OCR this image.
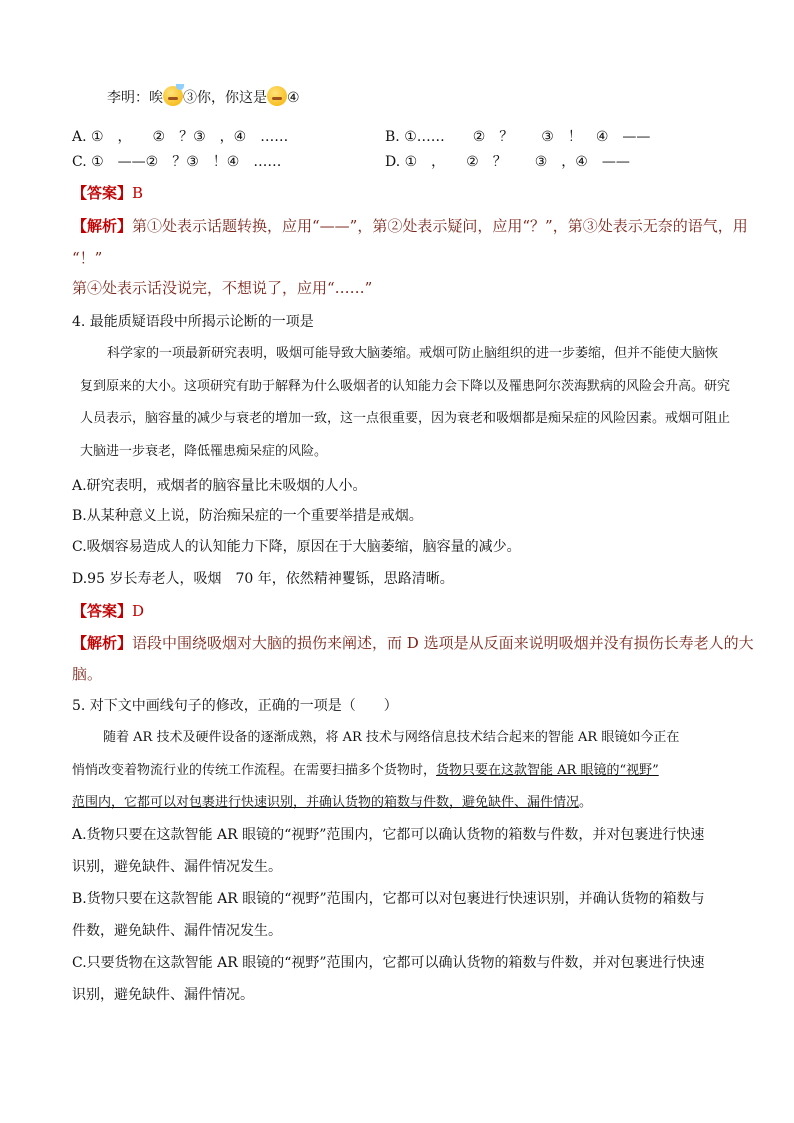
李明：唉 ③你，你这是 ④
A. ①　，　　②　？③　，④　……	B. ①……　　②　？　　③　！　④　——
C. ①　——②　？③　！④　……	D. ①　，　　②　？　　③　，④　——
【答案】B
【解析】第①处表示话题转换，应用“——”，第②处表示疑问，应用“？”，第③处表示无奈的语气，用
“！”
第④处表示话没说完，不想说了，应用“……”
4. 最能质疑语段中所揭示论断的一项是
科学家的一项最新研究表明，吸烟可能导致大脑萎缩。戒烟可防止脑组织的进一步萎缩，但并不能使大脑恢
复到原来的大小。这项研究有助于解释为什么吸烟者的认知能力会下降以及罹患阿尔茨海默病的风险会升高。研究
人员表示，脑容量的减少与衰老的增加一致，这一点很重要，因为衰老和吸烟都是痴呆症的风险因素。戒烟可阻止
大脑进一步衰老，降低罹患痴呆症的风险。
A.研究表明，戒烟者的脑容量比未吸烟的人小。
B.从某种意义上说，防治痴呆症的一个重要举措是戒烟。
C.吸烟容易造成人的认知能力下降，原因在于大脑萎缩，脑容量的减少。
D.95 岁长寿老人，吸烟　70 年，依然精神矍铄，思路清晰。
【答案】D
【解析】语段中围绕吸烟对大脑的损伤来阐述，而 D 选项是从反面来说明吸烟并没有损伤长寿老人的大
脑。
5. 对下文中画线句子的修改，正确的一项是（　　）
随着 AR 技术及硬件设备的逐渐成熟，将 AR 技术与网络信息技术结合起来的智能 AR 眼镜如今正在
悄悄改变着物流行业的传统工作流程。在需要扫描多个货物时，货物只要在这款智能 AR 眼镜的“视野”
范围内，它都可以对包裹进行快速识别，并确认货物的箱数与件数，避免缺件、漏件情况。
A.货物只要在这款智能 AR 眼镜的“视野”范围内，它都可以确认货物的箱数与件数，并对包裹进行快速
识别，避免缺件、漏件情况发生。
B.货物只要在这款智能 AR 眼镜的“视野”范围内，它都可以对包裹进行快速识别，并确认货物的箱数与
件数，避免缺件、漏件情况发生。
C.只要货物在这款智能 AR 眼镜的“视野”范围内，它都可以确认货物的箱数与件数，并对包裹进行快速
识别，避免缺件、漏件情况。
